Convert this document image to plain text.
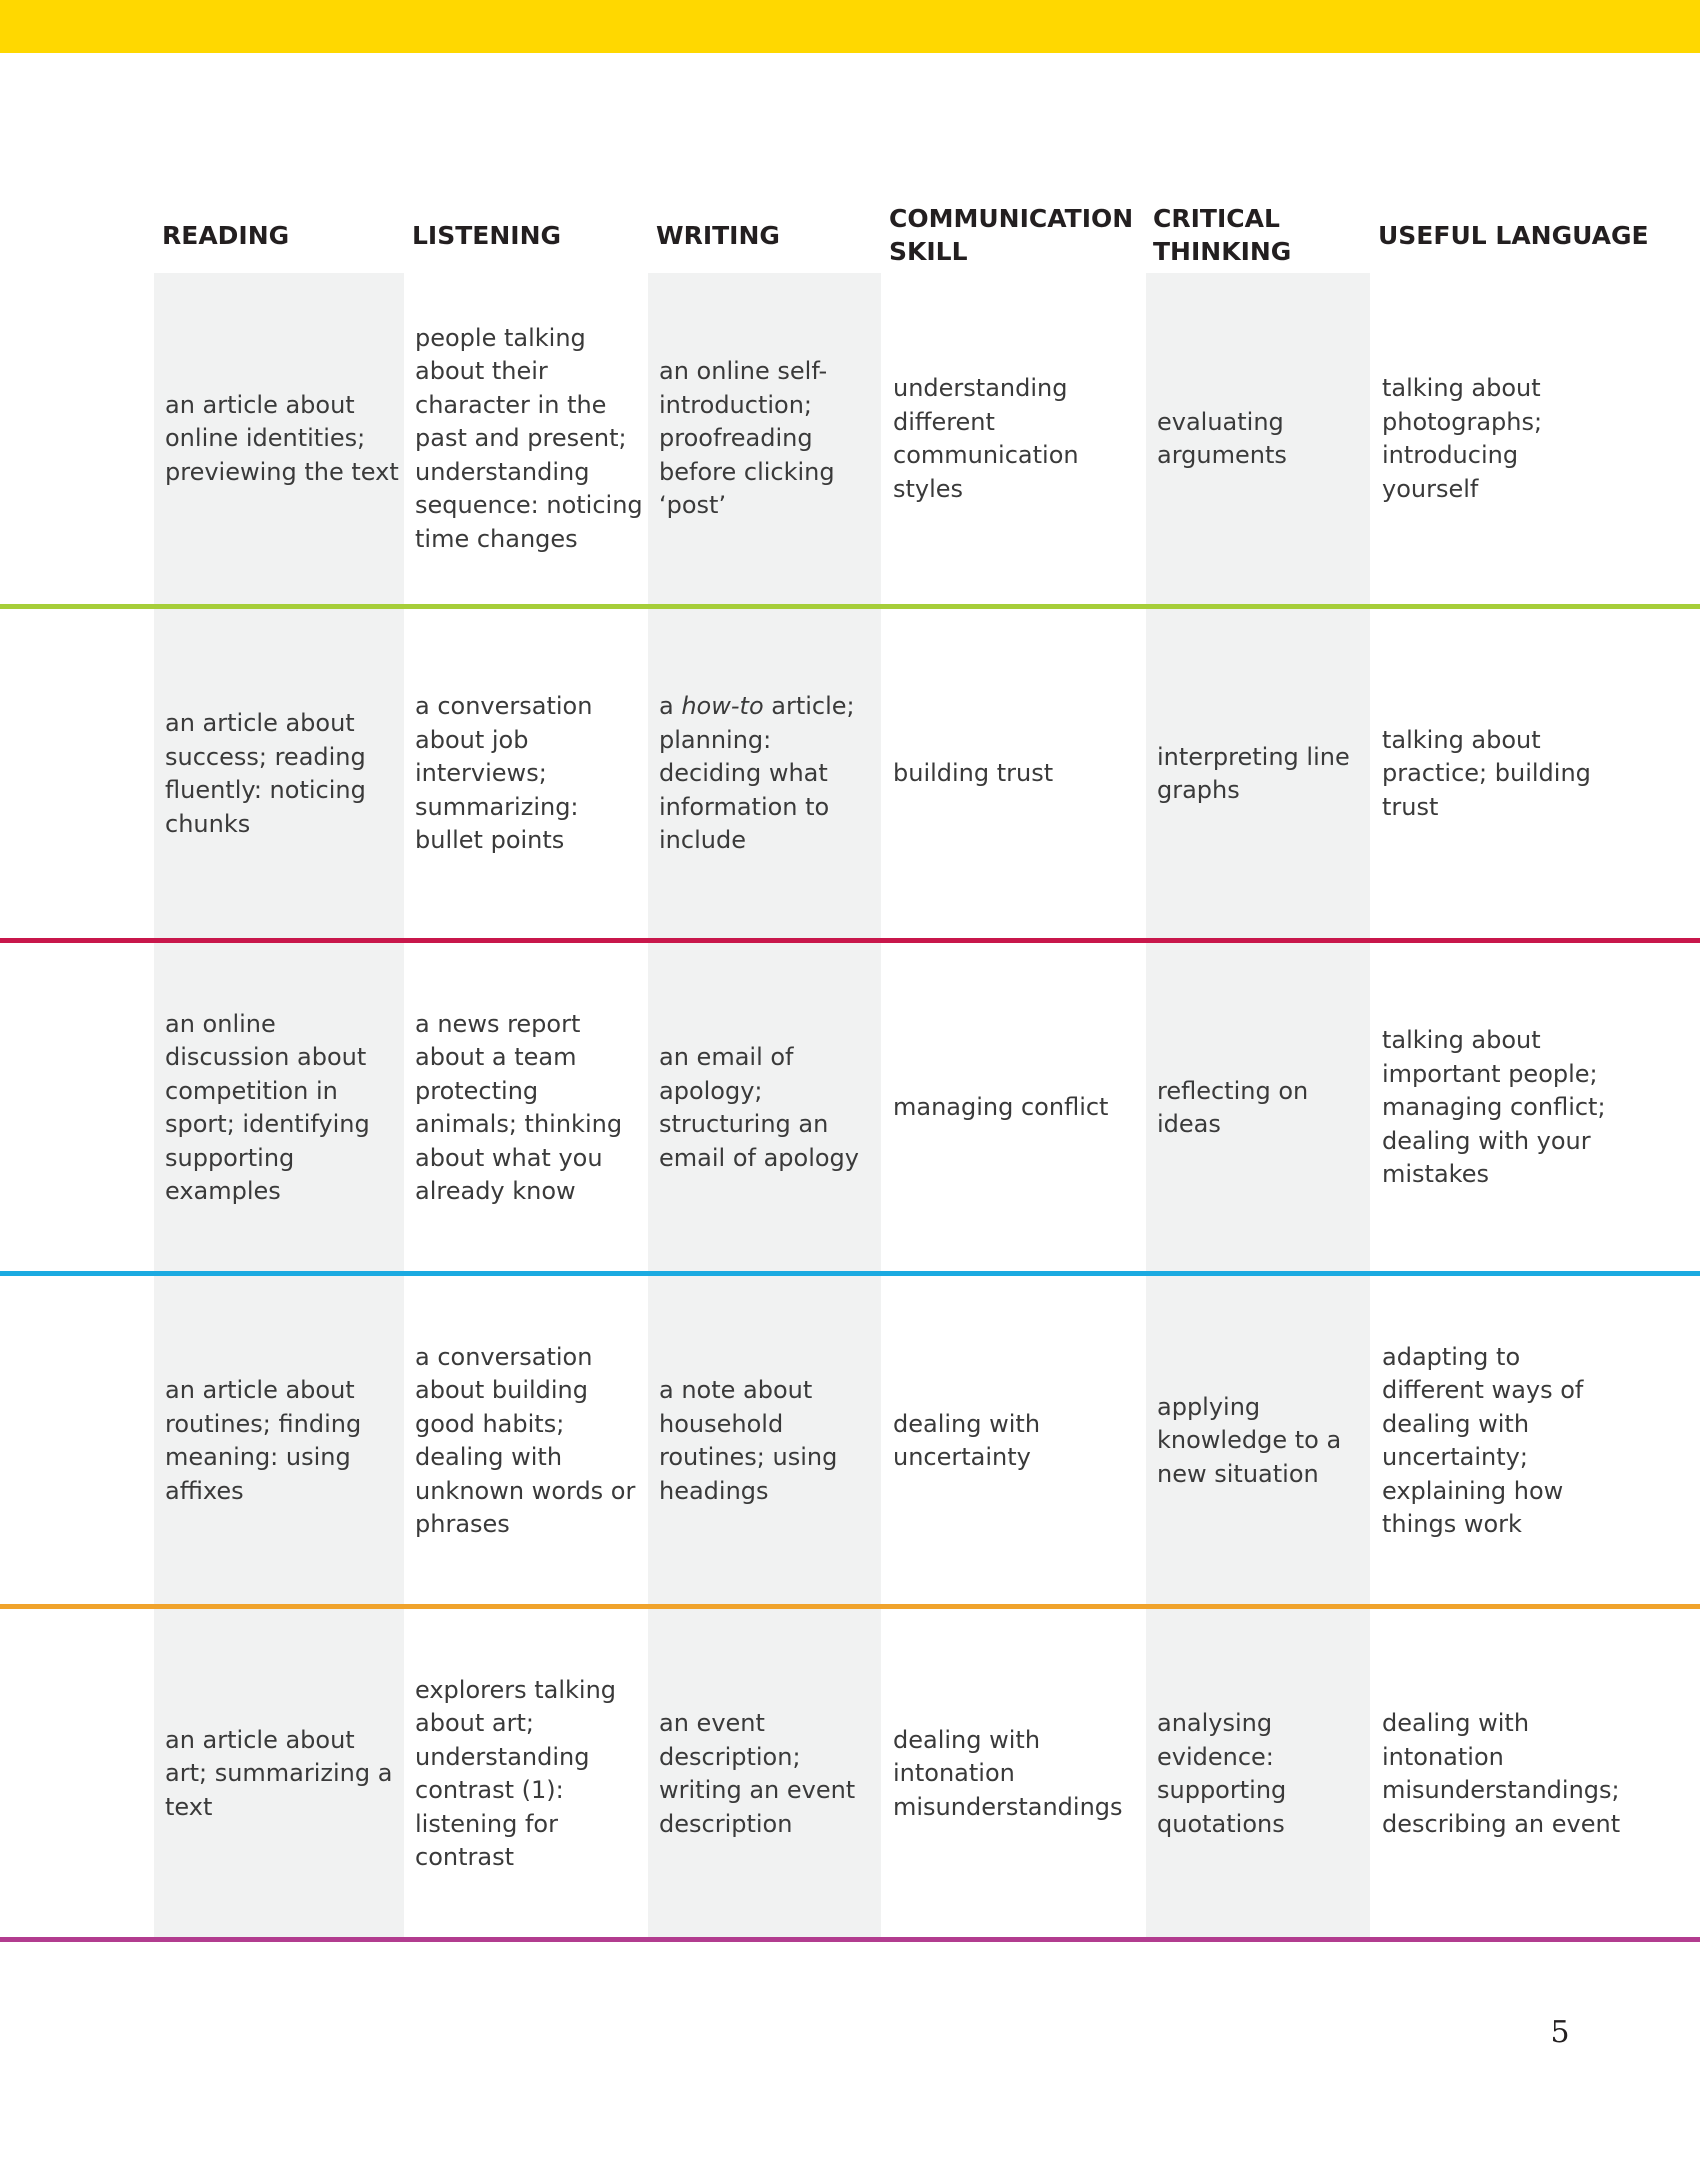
READING	LISTENING	WRITING
COMMUNICATION
SKILL
CRITICAL
THINKING
USEFUL LANGUAGE
an article about online identities; previewing the text
people talking about their character in the past and present; understanding sequence: noticing time changes
an online self-introduction; proofreading before clicking ‘post’
understanding different communication styles
evaluating arguments
talking about photographs; introducing yourself
an article about success; reading fluently: noticing chunks
a conversation about job interviews; summarizing: bullet points
a how-to article; planning: deciding what information to include
building trust
interpreting line graphs
talking about practice; building trust
an online discussion about competition in sport; identifying supporting examples
a news report about a team protecting animals; thinking about what you already know
an email of apology; structuring an email of apology
managing conflict
reflecting on ideas
talking about important people; managing conflict; dealing with your mistakes
an article about routines; finding meaning: using affixes
a conversation about building good habits; dealing with unknown words or phrases
a note about household routines; using headings
dealing with uncertainty
applying knowledge to a new situation
adapting to different ways of dealing with uncertainty; explaining how things work
an article about art; summarizing a text
explorers talking about art; understanding contrast (1): listening for contrast
an event description; writing an event description
dealing with intonation misunderstandings
analysing evidence: supporting quotations
dealing with intonation misunderstandings; describing an event
5
